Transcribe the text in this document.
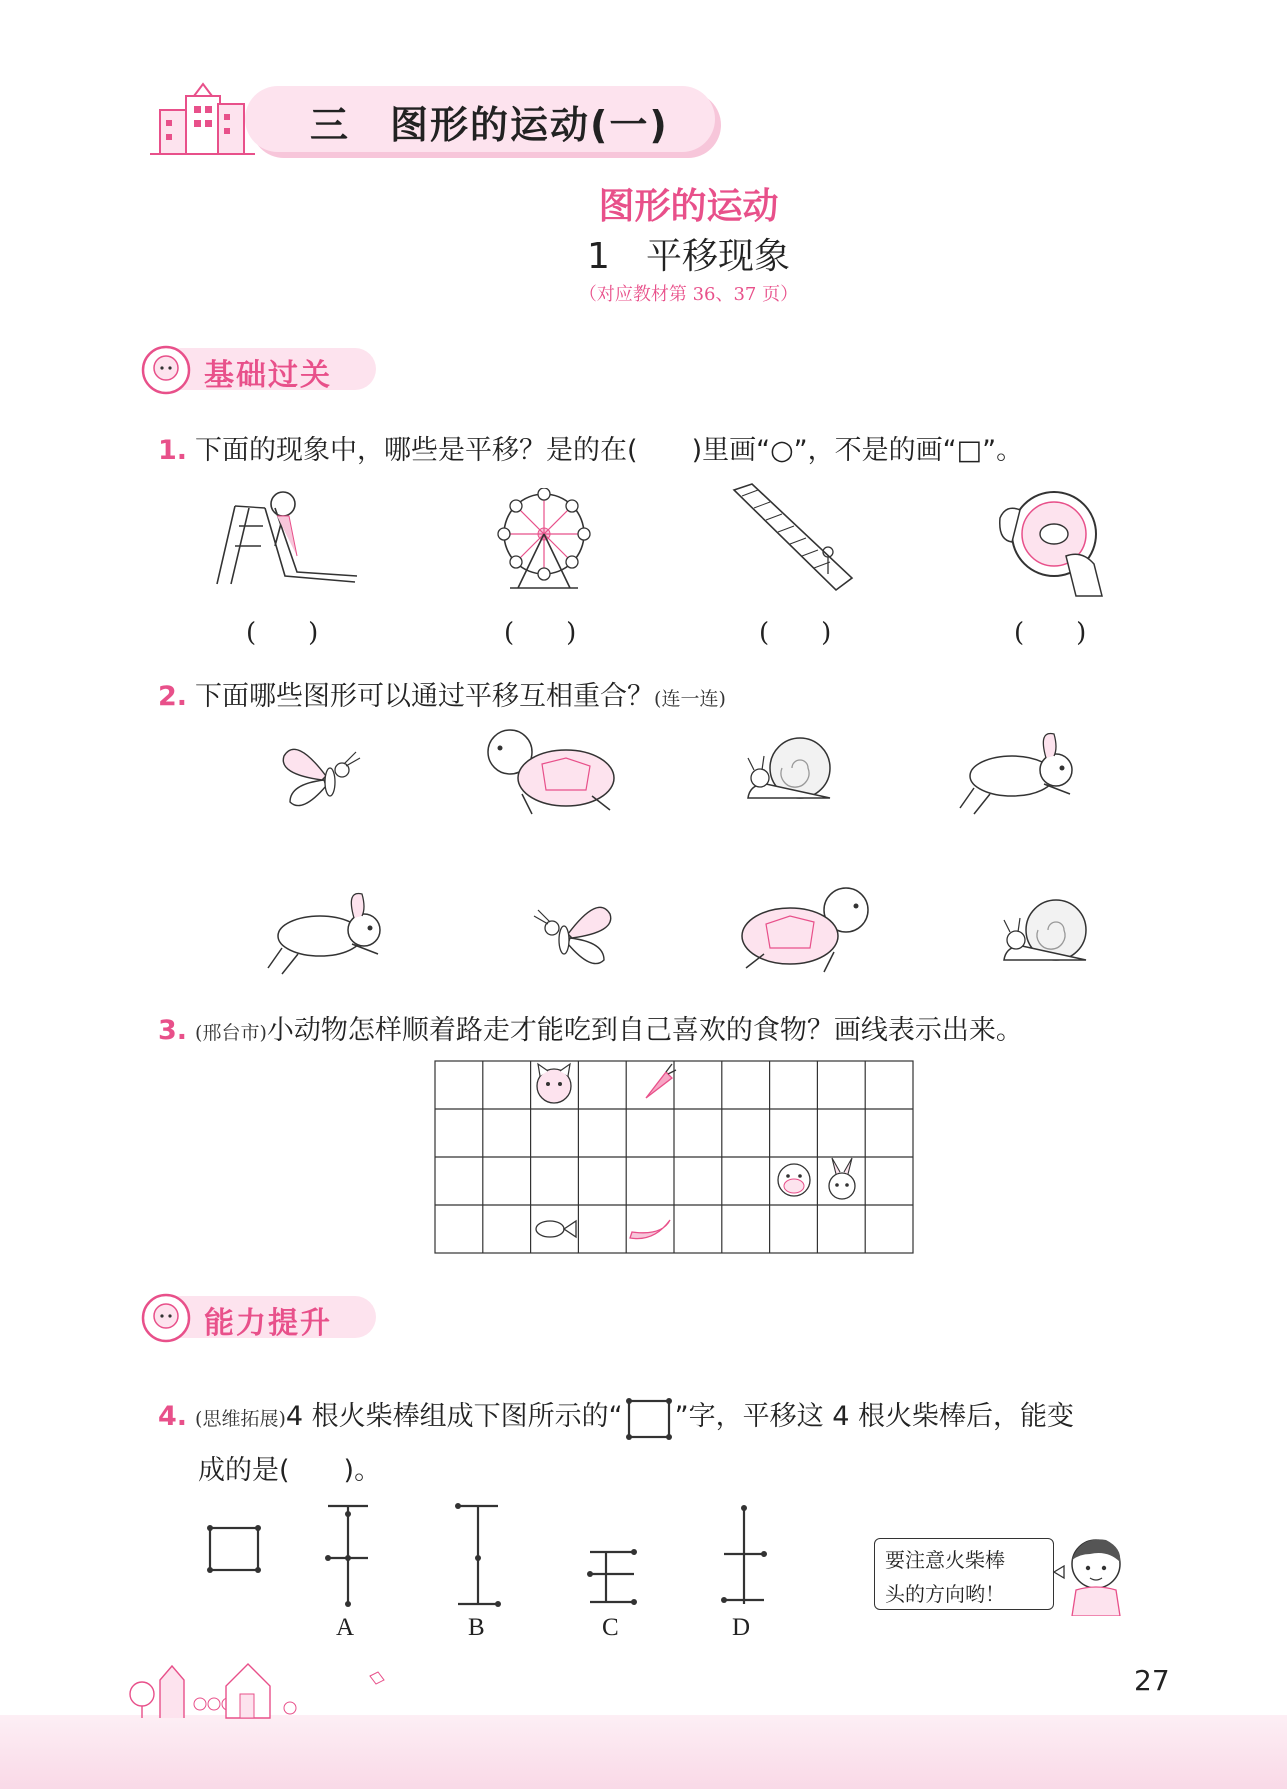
三　图形的运动(一)
图形的运动
1　平移现象
（对应教材第 36、37 页）
基础过关
1. 下面的现象中，哪些是平移？是的在(　　)里画“○”，不是的画“□”。
(　　)	(　　)	(　　)	(　　)
2. 下面哪些图形可以通过平移互相重合？(连一连)
3. (邢台市)小动物怎样顺着路走才能吃到自己喜欢的食物？画线表示出来。
能力提升
4. (思维拓展)4 根火柴棒组成下图所示的“ ”字，平移这 4 根火柴棒后，能变
成的是(　　)。
A	B	C	D
要注意火柴棒
头的方向哟！
27
